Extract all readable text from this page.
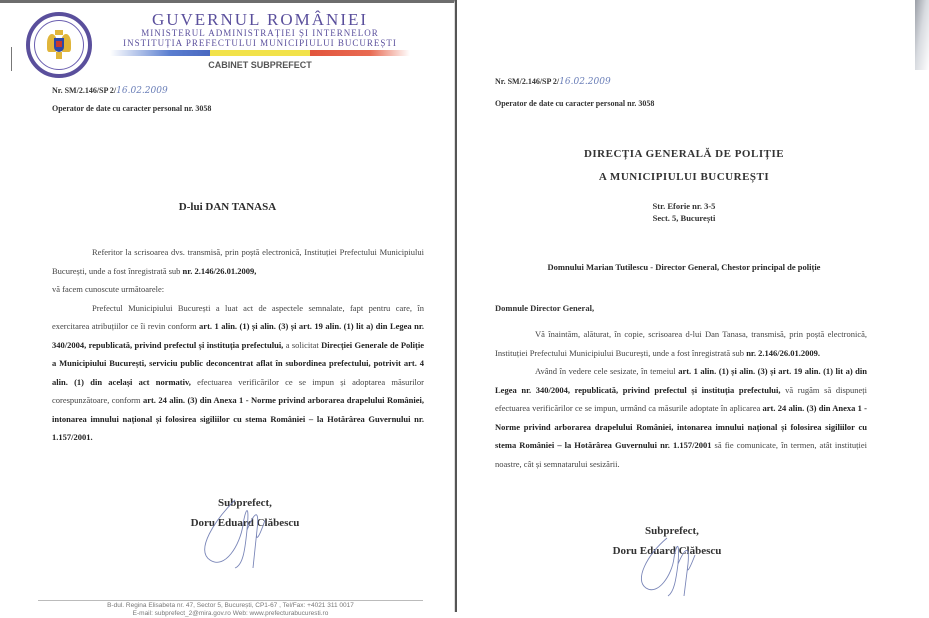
GUVERNUL ROMÂNIEI
MINISTERUL ADMINISTRAȚIEI ȘI INTERNELOR
INSTITUȚIA PREFECTULUI MUNICIPIULUI BUCUREȘTI
CABINET SUBPREFECT
Nr. SM/2.146/SP 2/16.02.2009
Operator de date cu caracter personal nr. 3058
D-lui DAN TANASA

Referitor la scrisoarea dvs. transmisă, prin poștă electronică, Instituției Prefectului Municipiului București, unde a fost înregistrată sub nr. 2.146/26.01.2009,

vă facem cunoscute următoarele:

Prefectul Municipiului București a luat act de aspectele semnalate, fapt pentru care, în exercitarea atribuțiilor ce îi revin conform art. 1 alin. (1) și alin. (3) și art. 19 alin. (1) lit a) din Legea nr. 340/2004, republicată, privind prefectul și instituția prefectului, a solicitat Direcției Generale de Poliție a Municipiului București, serviciu public deconcentrat aflat în subordinea prefectului, potrivit art. 4 alin. (1) din același act normativ, efectuarea verificărilor ce se impun și adoptarea măsurilor corespunzătoare, conform art. 24 alin. (3) din Anexa 1 - Norme privind arborarea drapelului României, intonarea imnului național și folosirea sigiliilor cu stema României – la Hotărârea Guvernului nr. 1.157/2001.

Subprefect,
Doru Eduard Clăbescu
B-dul. Regina Elisabeta nr. 47, Sector 5, București, CP1-67 , Tel/Fax: +4021 311 0017
E-mail: subprefect_2@mira.gov.ro Web: www.prefecturabucuresti.ro
Nr. SM/2.146/SP 2/16.02.2009
Operator de date cu caracter personal nr. 3058
DIRECȚIA GENERALĂ DE POLIȚIE
A MUNICIPIULUI BUCUREȘTI
Str. Eforie nr. 3-5
Sect. 5, București
Domnului Marian Tutilescu - Director General, Chestor principal de poliție
Domnule Director General,

Vă înaintăm, alăturat, în copie, scrisoarea d-lui Dan Tanasa, transmisă, prin poștă electronică, Instituției Prefectului Municipiului București, unde a fost înregistrată sub nr. 2.146/26.01.2009.

Având în vedere cele sesizate, în temeiul art. 1 alin. (1) și alin. (3) și art. 19 alin. (1) lit a) din Legea nr. 340/2004, republicată, privind prefectul și instituția prefectului, vă rugăm să dispuneți efectuarea verificărilor ce se impun, urmând ca măsurile adoptate în aplicarea art. 24 alin. (3) din Anexa 1 - Norme privind arborarea drapelului României, intonarea imnului național și folosirea sigiliilor cu stema României – la Hotărârea Guvernului nr. 1.157/2001 să fie comunicate, în termen, atât instituției noastre, cât și semnatarului sesizării.

Subprefect,
Doru Eduard Clăbescu
